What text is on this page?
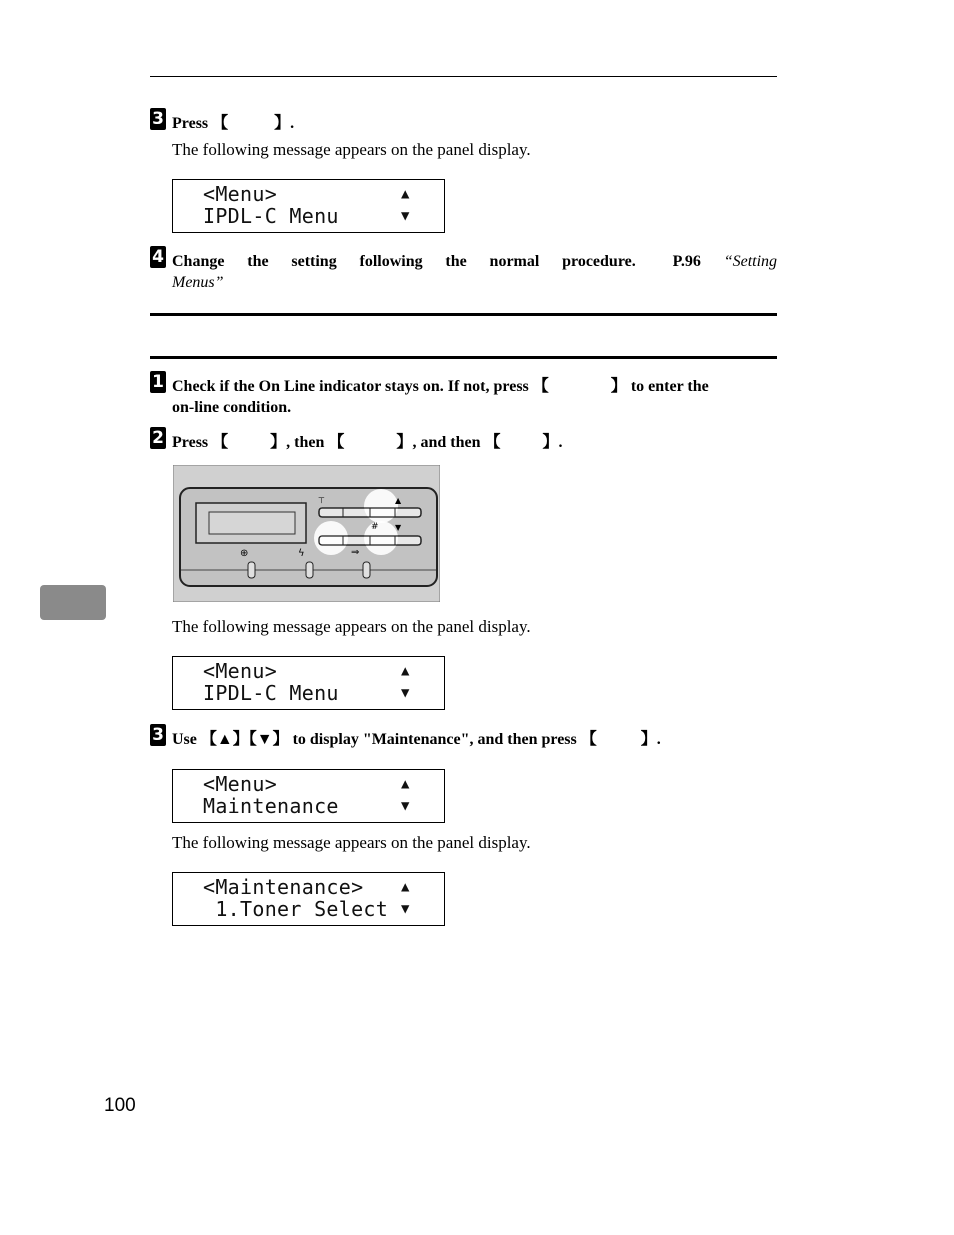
3 Press 【	】.
The following message appears on the panel display.
<Menu>	▲
IPDL-C Menu	▼
4 Change the setting following the normal procedure. P.96 “Setting
Menus”
1 Check if the On Line indicator stays on. If not, press 【	】 to enter the
on-line condition.
2 Press 【	】, then 【	】, and then 【	】.
⊕	ϟ	⇒
▲
▼
#
⊤
The following message appears on the panel display.
<Menu>	▲
IPDL-C Menu	▼
3 Use 【▲】【▼】 to display "Maintenance", and then press 【	】.
<Menu>	▲
Maintenance	▼
The following message appears on the panel display.
<Maintenance>	▲
1.Toner Select ▼
100
